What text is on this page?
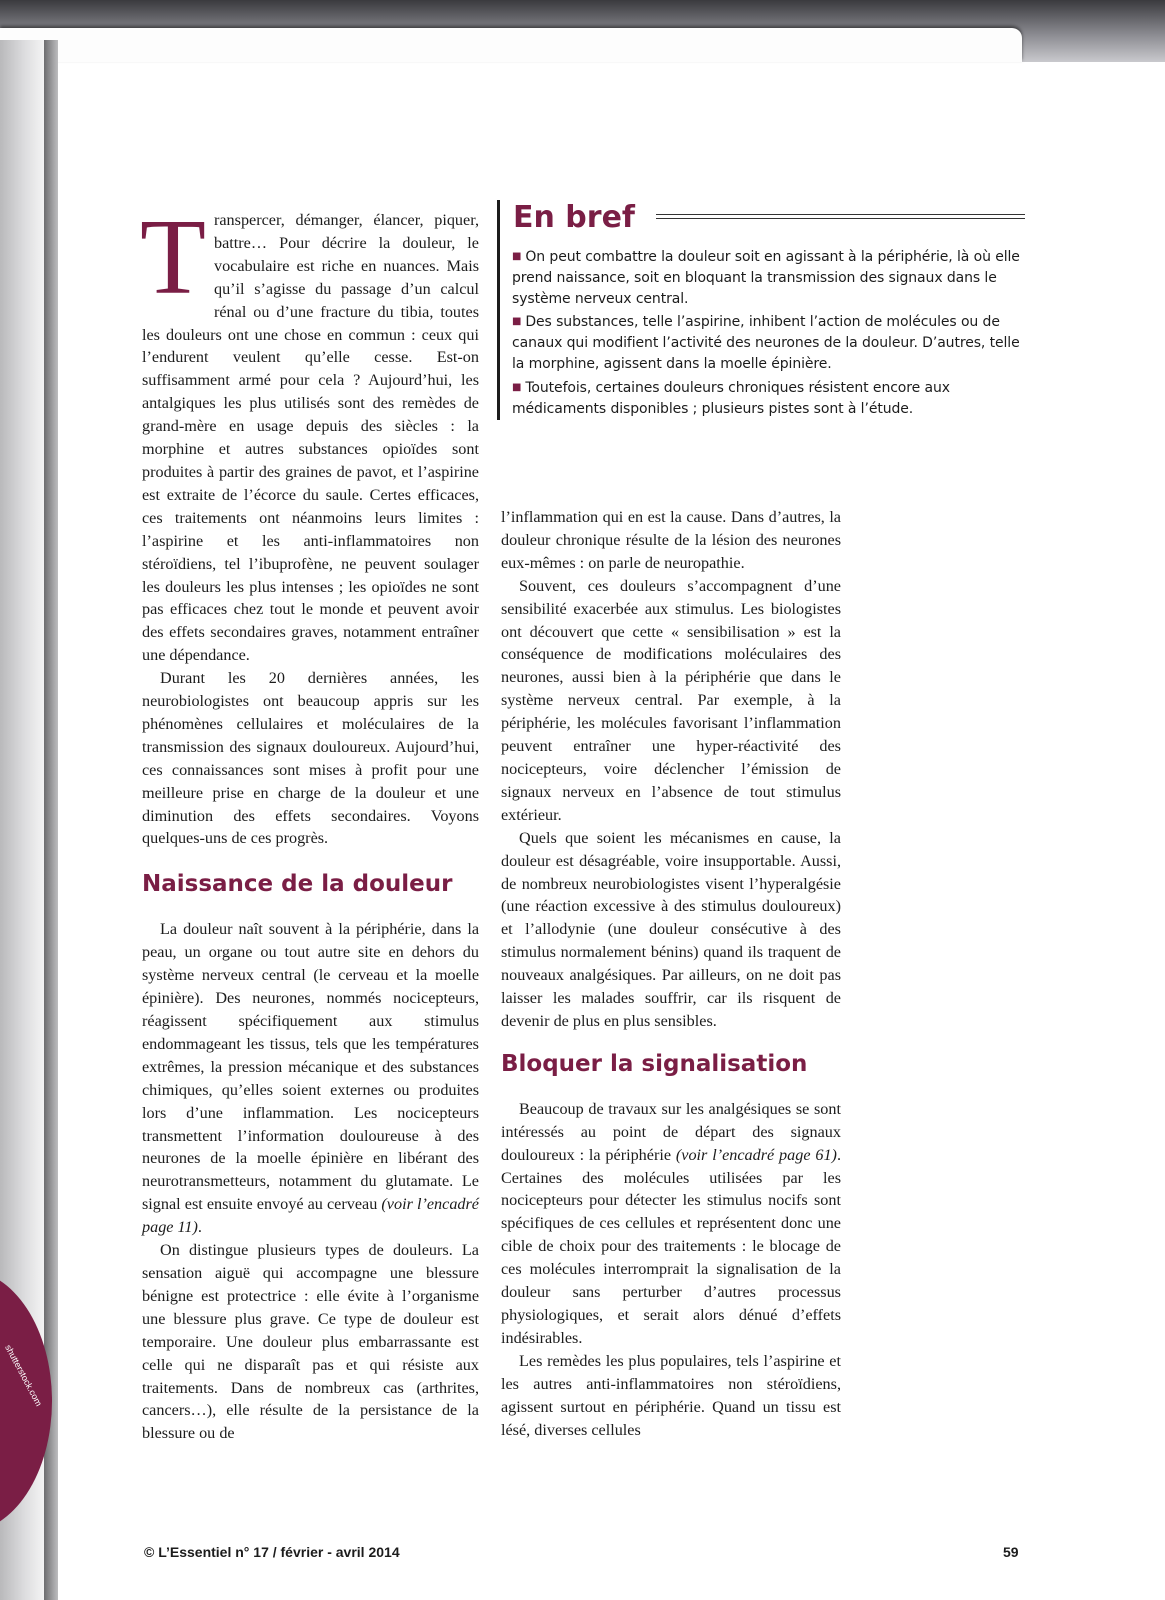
shutterstock.com

Transpercer, démanger, élancer, piquer, battre… Pour décrire la douleur, le vocabulaire est riche en nuances. Mais qu’il s’agisse du passage d’un calcul rénal ou d’une fracture du tibia, toutes les douleurs ont une chose en commun : ceux qui l’endurent veulent qu’elle cesse. Est-on suffisamment armé pour cela ? Aujourd’hui, les antalgiques les plus utilisés sont des remèdes de grand-mère en usage depuis des siècles : la morphine et autres substances opioïdes sont produites à partir des graines de pavot, et l’aspirine est extraite de l’écorce du saule. Certes efficaces, ces traitements ont néanmoins leurs limites : l’aspirine et les anti-inflammatoires non stéroïdiens, tel l’ibuprofène, ne peuvent soulager les douleurs les plus intenses ; les opioïdes ne sont pas efficaces chez tout le monde et peuvent avoir des effets secondaires graves, notamment entraîner une dépendance.

Durant les 20 dernières années, les neurobiologistes ont beaucoup appris sur les phénomènes cellulaires et moléculaires de la transmission des signaux douloureux. Aujourd’hui, ces connaissances sont mises à profit pour une meilleure prise en charge de la douleur et une diminution des effets secondaires. Voyons quelques-uns de ces progrès.

Naissance de la douleur

La douleur naît souvent à la périphérie, dans la peau, un organe ou tout autre site en dehors du système nerveux central (le cerveau et la moelle épinière). Des neurones, nommés nocicepteurs, réagissent spécifiquement aux stimulus endommageant les tissus, tels que les températures extrêmes, la pression mécanique et des substances chimiques, qu’elles soient externes ou produites lors d’une inflammation. Les nocicepteurs transmettent l’information douloureuse à des neurones de la moelle épinière en libérant des neurotransmetteurs, notamment du glutamate. Le signal est ensuite envoyé au cerveau (voir l’encadré page 11).

On distingue plusieurs types de douleurs. La sensation aiguë qui accompagne une blessure bénigne est protectrice : elle évite à l’organisme une blessure plus grave. Ce type de douleur est temporaire. Une douleur plus embarrassante est celle qui ne disparaît pas et qui résiste aux traitements. Dans de nombreux cas (arthrites, cancers…), elle résulte de la persistance de la blessure ou de

En bref
■ On peut combattre la douleur soit en agissant à la périphérie, là où elle prend naissance, soit en bloquant la transmission des signaux dans le système nerveux central.
■ Des substances, telle l’aspirine, inhibent l’action de molécules ou de canaux qui modifient l’activité des neurones de la douleur. D’autres, telle la morphine, agissent dans la moelle épinière.
■ Toutefois, certaines douleurs chroniques résistent encore aux médicaments disponibles ; plusieurs pistes sont à l’étude.

l’inflammation qui en est la cause. Dans d’autres, la douleur chronique résulte de la lésion des neurones eux-mêmes : on parle de neuropathie.

Souvent, ces douleurs s’accompagnent d’une sensibilité exacerbée aux stimulus. Les biologistes ont découvert que cette « sensibilisation » est la conséquence de modifications moléculaires des neurones, aussi bien à la périphérie que dans le système nerveux central. Par exemple, à la périphérie, les molécules favorisant l’inflammation peuvent entraîner une hyper-réactivité des nocicepteurs, voire déclencher l’émission de signaux nerveux en l’absence de tout stimulus extérieur.

Quels que soient les mécanismes en cause, la douleur est désagréable, voire insupportable. Aussi, de nombreux neurobiologistes visent l’hyperalgésie (une réaction excessive à des stimulus douloureux) et l’allodynie (une douleur consécutive à des stimulus normalement bénins) quand ils traquent de nouveaux analgésiques. Par ailleurs, on ne doit pas laisser les malades souffrir, car ils risquent de devenir de plus en plus sensibles.

Bloquer la signalisation

Beaucoup de travaux sur les analgésiques se sont intéressés au point de départ des signaux douloureux : la périphérie (voir l’encadré page 61). Certaines des molécules utilisées par les nocicepteurs pour détecter les stimulus nocifs sont spécifiques de ces cellules et représentent donc une cible de choix pour des traitements : le blocage de ces molécules interromprait la signalisation de la douleur sans perturber d’autres processus physiologiques, et serait alors dénué d’effets indésirables.

Les remèdes les plus populaires, tels l’aspirine et les autres anti-inflammatoires non stéroïdiens, agissent surtout en périphérie. Quand un tissu est lésé, diverses cellules

© L’Essentiel n° 17 / février - avril 2014	59
